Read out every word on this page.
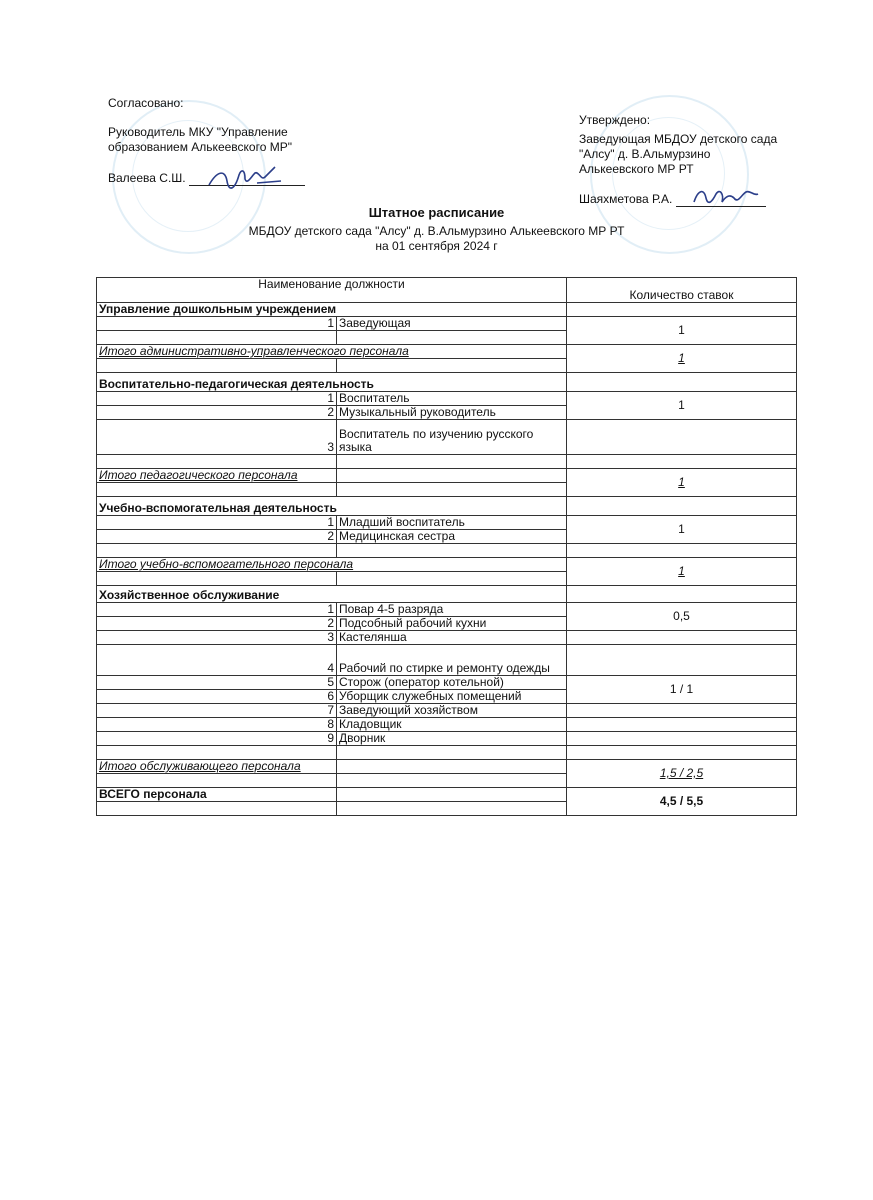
Согласовано:
Руководитель МКУ "Управление
образованием Алькеевского МР"
Валеева С.Ш.
Утверждено:
Заведующая МБДОУ детского сада
"Алсу" д. В.Альмурзино
Алькеевского МР РТ
Шаяхметова Р.А.
Штатное расписание
МБДОУ детского сада "Алсу" д. В.Альмурзино Алькеевского МР РТ
на 01 сентября 2024 г
Наименование должности		Количество ставок
Управление дошкольным учреждением		
1	Заведующая	1

Итого административно-управленческого персонала		1

Воспитательно-педагогическая деятельность		
1	Воспитатель	1
2	Музыкальный руководитель	
3	Воспитатель по изучению русского
языка	

Итого педагогического персонала		1

Учебно-вспомогательная деятельность		
1	Младший воспитатель	1
2	Медицинская сестра	

Итого учебно-вспомогательного персонала		1

Хозяйственное обслуживание		
1	Повар 4-5 разряда	0,5
2	Подсобный рабочий кухни	
3	Кастелянша	
4	Рабочий по стирке и ремонту одежды	
5	Сторож (оператор котельной)	1 / 1
6	Уборщик служебных помещений	
7	Заведующий хозяйством	
8	Кладовщик	
9	Дворник	

Итого обслуживающего персонала		1,5 / 2,5

ВСЕГО персонала		4,5 / 5,5
